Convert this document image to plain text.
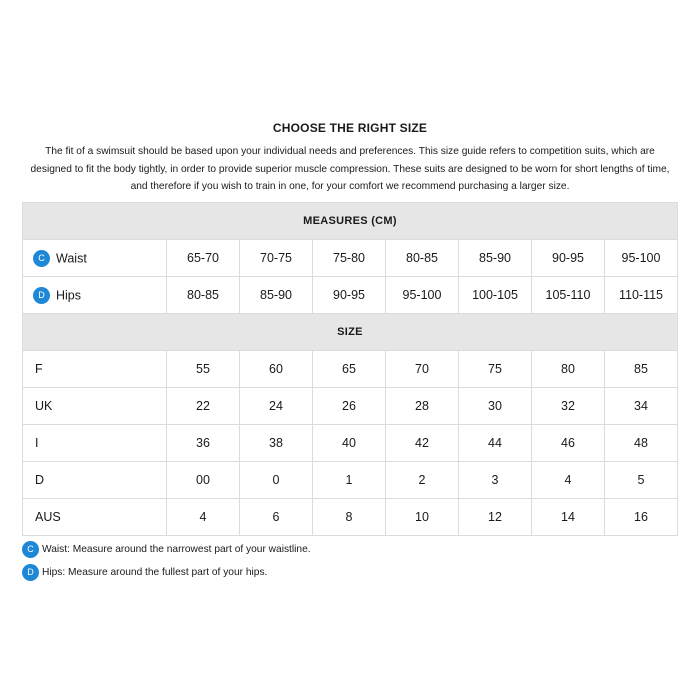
CHOOSE THE RIGHT SIZE
The fit of a swimsuit should be based upon your individual needs and preferences. This size guide refers to competition suits, which are designed to fit the body tightly, in order to provide superior muscle compression. These suits are designed to be worn for short lengths of time, and therefore if you wish to train in one, for your comfort we recommend purchasing a larger size.
MEASURES (CM)							
C Waist	65-70	70-75	75-80	80-85	85-90	90-95	95-100
D Hips	80-85	85-90	90-95	95-100	100-105	105-110	110-115
SIZE							
F	55	60	65	70	75	80	85
UK	22	24	26	28	30	32	34
I	36	38	40	42	44	46	48
D	00	0	1	2	3	4	5
AUS	4	6	8	10	12	14	16
C Waist: Measure around the narrowest part of your waistline.
D Hips: Measure around the fullest part of your hips.
